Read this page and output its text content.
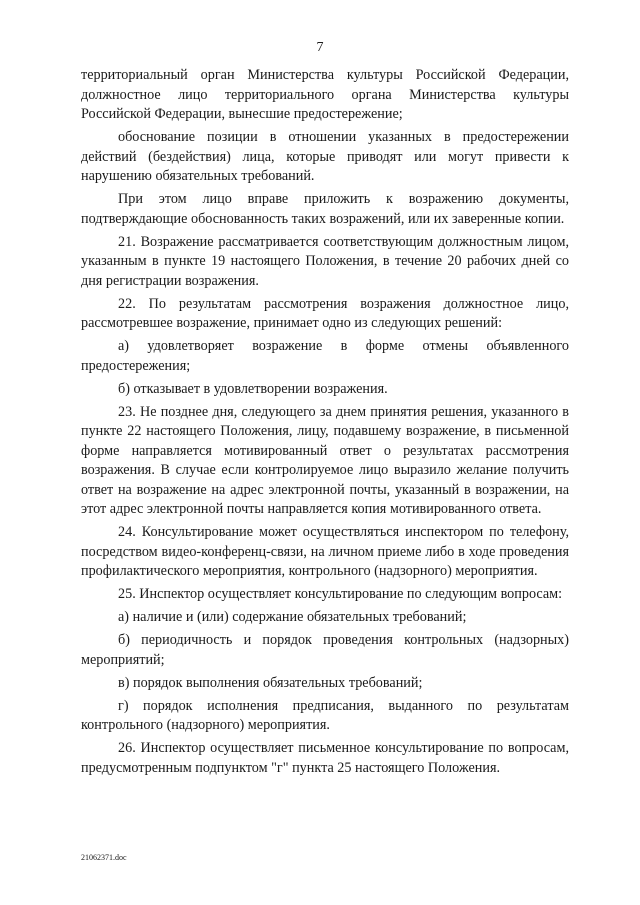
7

территориальный орган Министерства культуры Российской Федерации, должностное лицо территориального органа Министерства культуры Российской Федерации, вынесшие предостережение;

обоснование позиции в отношении указанных в предостережении действий (бездействия) лица, которые приводят или могут привести к нарушению обязательных требований.

При этом лицо вправе приложить к возражению документы, подтверждающие обоснованность таких возражений, или их заверенные копии.

21. Возражение рассматривается соответствующим должностным лицом, указанным в пункте 19 настоящего Положения, в течение 20 рабочих дней со дня регистрации возражения.

22. По результатам рассмотрения возражения должностное лицо, рассмотревшее возражение, принимает одно из следующих решений:

а) удовлетворяет возражение в форме отмены объявленного предостережения;

б) отказывает в удовлетворении возражения.

23. Не позднее дня, следующего за днем принятия решения, указанного в пункте 22 настоящего Положения, лицу, подавшему возражение, в письменной форме направляется мотивированный ответ о результатах рассмотрения возражения. В случае если контролируемое лицо выразило желание получить ответ на возражение на адрес электронной почты, указанный в возражении, на этот адрес электронной почты направляется копия мотивированного ответа.

24. Консультирование может осуществляться инспектором по телефону, посредством видео-конференц-связи, на личном приеме либо в ходе проведения профилактического мероприятия, контрольного (надзорного) мероприятия.

25. Инспектор осуществляет консультирование по следующим вопросам:

а) наличие и (или) содержание обязательных требований;

б) периодичность и порядок проведения контрольных (надзорных) мероприятий;

в) порядок выполнения обязательных требований;

г) порядок исполнения предписания, выданного по результатам контрольного (надзорного) мероприятия.

26. Инспектор осуществляет письменное консультирование по вопросам, предусмотренным подпунктом "г" пункта 25 настоящего Положения.

21062371.doc
